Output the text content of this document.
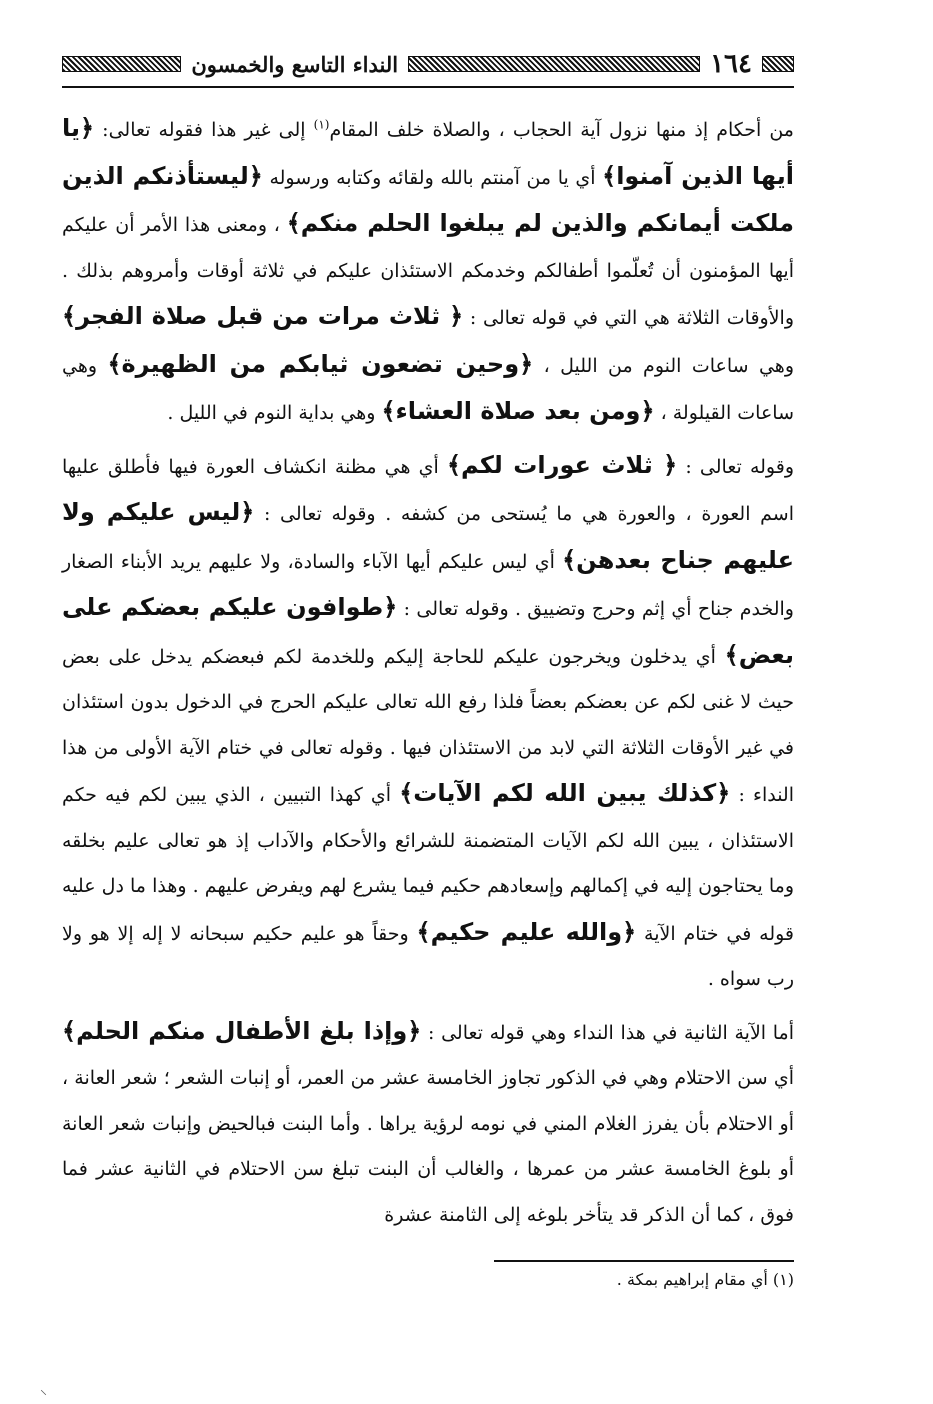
١٦٤
النداء التاسع والخمسون

من أحكام إذ منها نزول آية الحجاب ، والصلاة خلف المقام$^{(١)}$ إلى غير هذا فقوله تعالى: ﴿يا أيها الذين آمنوا﴾ أي يا من آمنتم بالله ولقائه وكتابه ورسوله ﴿ليستأذنكم الذين ملكت أيمانكم والذين لم يبلغوا الحلم منكم﴾ ، ومعنى هذا الأمر أن عليكم أيها المؤمنون أن تُعلّموا أطفالكم وخدمكم الاستئذان عليكم في ثلاثة أوقات وأمروهم بذلك . والأوقات الثلاثة هي التي في قوله تعالى : ﴿ ثلاث مرات من قبل صلاة الفجر﴾ وهي ساعات النوم من الليل ، ﴿وحين تضعون ثيابكم من الظهيرة﴾ وهي ساعات القيلولة ، ﴿ومن بعد صلاة العشاء﴾ وهي بداية النوم في الليل .

وقوله تعالى : ﴿ ثلاث عورات لكم﴾ أي هي مظنة انكشاف العورة فيها فأطلق عليها اسم العورة ، والعورة هي ما يُستحى من كشفه . وقوله تعالى : ﴿ليس عليكم ولا عليهم جناح بعدهن﴾ أي ليس عليكم أيها الآباء والسادة، ولا عليهم يريد الأبناء الصغار والخدم جناح أي إثم وحرج وتضييق . وقوله تعالى : ﴿طوافون عليكم بعضكم على بعض﴾ أي يدخلون ويخرجون عليكم للحاجة إليكم وللخدمة لكم فبعضكم يدخل على بعض حيث لا غنى لكم عن بعضكم بعضاً فلذا رفع الله تعالى عليكم الحرج في الدخول بدون استئذان في غير الأوقات الثلاثة التي لابد من الاستئذان فيها . وقوله تعالى في ختام الآية الأولى من هذا النداء : ﴿كذلك يبين الله لكم الآيات﴾ أي كهذا التبيين ، الذي يبين لكم فيه حكم الاستئذان ، يبين الله لكم الآيات المتضمنة للشرائع والأحكام والآداب إذ هو تعالى عليم بخلقه وما يحتاجون إليه في إكمالهم وإسعادهم حكيم فيما يشرع لهم ويفرض عليهم . وهذا ما دل عليه قوله في ختام الآية ﴿والله عليم حكيم﴾ وحقاً هو عليم حكيم سبحانه لا إله إلا هو ولا رب سواه .

أما الآية الثانية في هذا النداء وهي قوله تعالى : ﴿وإذا بلغ الأطفال منكم الحلم﴾ أي سن الاحتلام وهي في الذكور تجاوز الخامسة عشر من العمر، أو إنبات الشعر ؛ شعر العانة ، أو الاحتلام بأن يفرز الغلام المني في نومه لرؤية يراها . وأما البنت فبالحيض وإنبات شعر العانة أو بلوغ الخامسة عشر من عمرها ، والغالب أن البنت تبلغ سن الاحتلام في الثانية عشر فما فوق ، كما أن الذكر قد يتأخر بلوغه إلى الثامنة عشرة

(١) أي مقام إبراهيم بمكة .
⸜
